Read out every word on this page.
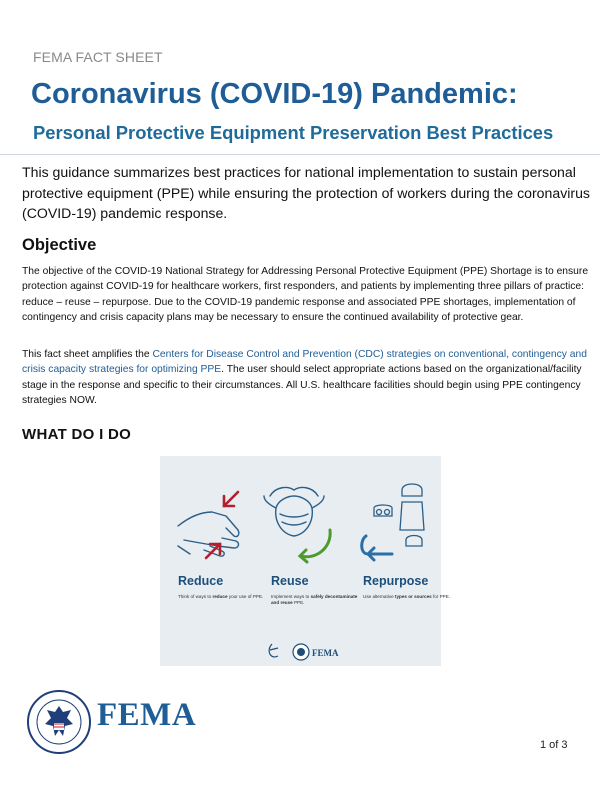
FEMA FACT SHEET
Coronavirus (COVID-19) Pandemic:
Personal Protective Equipment Preservation Best Practices

This guidance summarizes best practices for national implementation to sustain personal protective equipment (PPE) while ensuring the protection of workers during the coronavirus (COVID-19) pandemic response.

Objective

The objective of the COVID-19 National Strategy for Addressing Personal Protective Equipment (PPE) Shortage is to ensure protection against COVID-19 for healthcare workers, first responders, and patients by implementing three pillars of practice: reduce – reuse – repurpose. Due to the COVID-19 pandemic response and associated PPE shortages, implementation of contingency and crisis capacity plans may be necessary to ensure the continued availability of protective gear.

This fact sheet amplifies the Centers for Disease Control and Prevention (CDC) strategies on conventional, contingency and crisis capacity strategies for optimizing PPE. The user should select appropriate actions based on the organizational/facility stage in the response and specific to their circumstances. All U.S. healthcare facilities should begin using PPE contingency strategies NOW.

WHAT DO I DO
Reduce
Think of ways to reduce your use of PPE.
Reuse
Implement ways to safely decontaminate and reuse PPE.
Repurpose
Use alternative types or sources for PPE.
FEMA
FEMA
1 of 3
